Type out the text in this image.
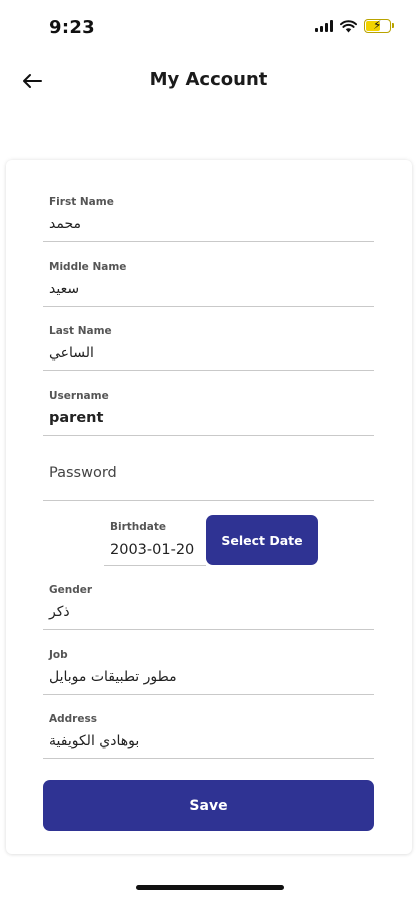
9:23	⚡
My Account
First Name
محمد
Middle Name
سعيد
Last Name
الساعي
Username
parent
Password
Birthdate
2003-01-20
Select Date
Gender
ذكر
Job
مطور تطبيقات موبايل
Address
بوهادي الكويفية
Save
